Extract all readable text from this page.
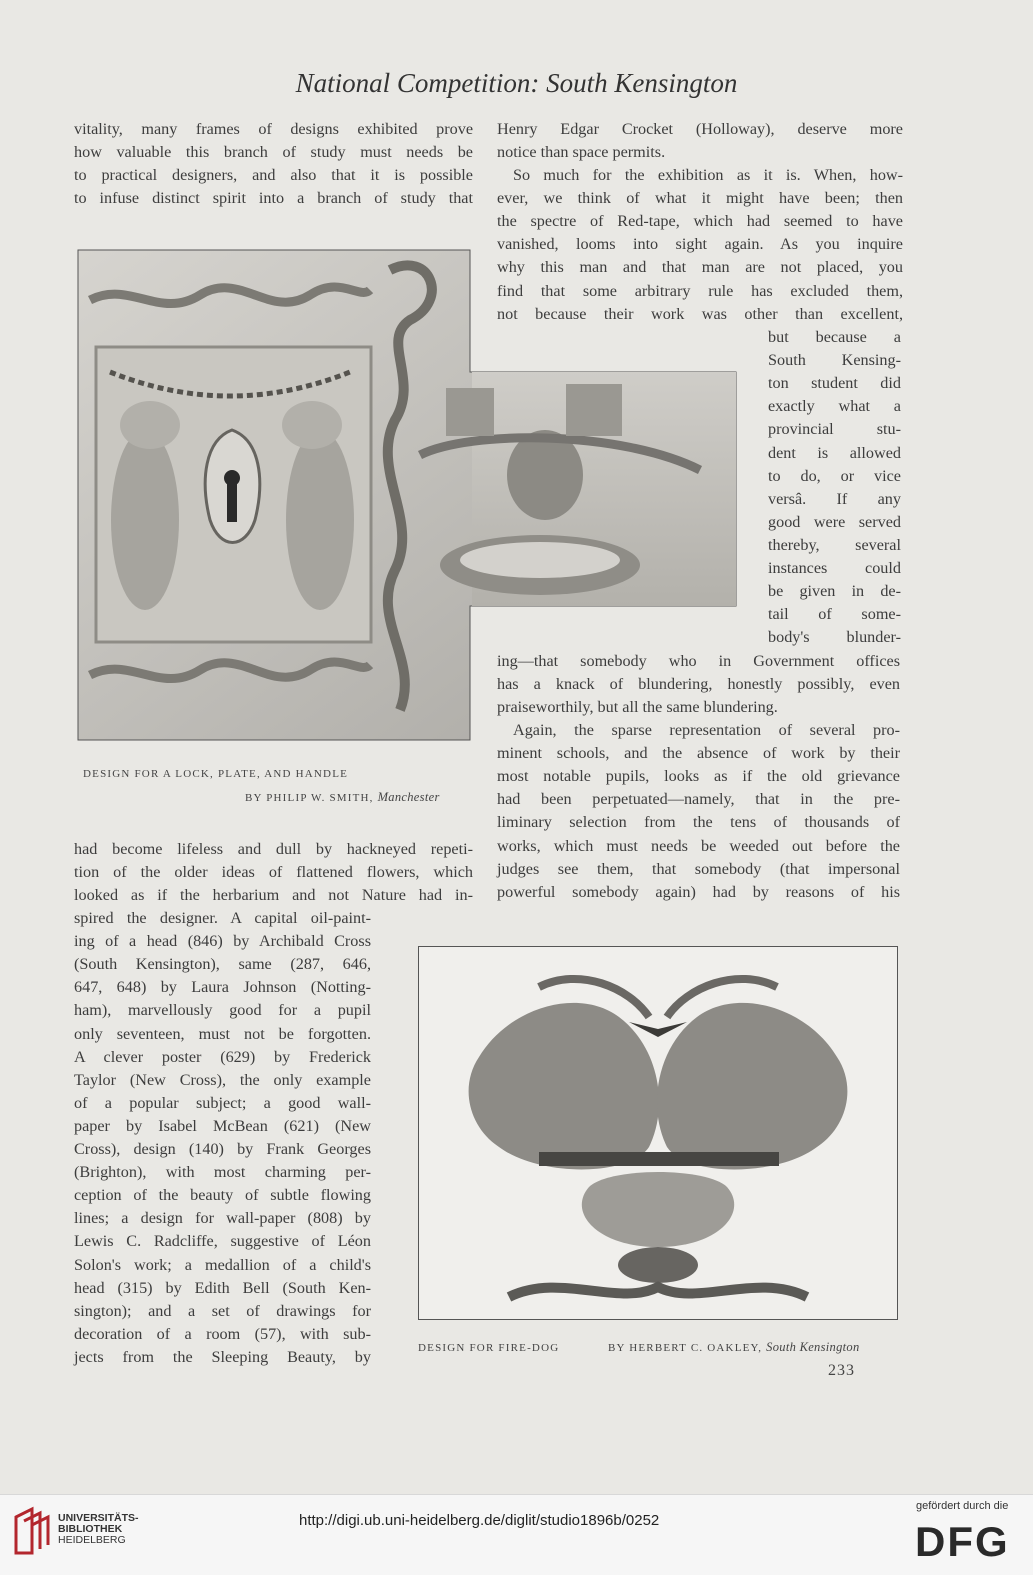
National Competition: South Kensington
vitality, many frames of designs exhibited prove
how valuable this branch of study must needs be
to practical designers, and also that it is possible
to infuse distinct spirit into a branch of study that
Henry Edgar Crocket (Holloway), deserve more
notice than space permits.
So much for the exhibition as it is. When, how-
ever, we think of what it might have been; then
the spectre of Red-tape, which had seemed to have
vanished, looms into sight again. As you inquire
why this man and that man are not placed, you
find that some arbitrary rule has excluded them,
not because their work was other than excellent,
DESIGN FOR A LOCK, PLATE, AND HANDLE
BY PHILIP W. SMITH, Manchester
but because a
South Kensing-
ton student did
exactly what a
provincial stu-
dent is allowed
to do, or vice
versâ. If any
good were served
thereby, several
instances could
be given in de-
tail of some-
body's blunder-
ing—that somebody who in Government offices
has a knack of blundering, honestly possibly, even
praiseworthily, but all the same blundering.
Again, the sparse representation of several pro-
minent schools, and the absence of work by their
most notable pupils, looks as if the old grievance
had been perpetuated—namely, that in the pre-
liminary selection from the tens of thousands of
works, which must needs be weeded out before the
judges see them, that somebody (that impersonal
powerful somebody again) had by reasons of his
had become lifeless and dull by hackneyed repeti-
tion of the older ideas of flattened flowers, which
looked as if the herbarium and not Nature had in-
spired the designer. A capital oil-paint-
ing of a head (846) by Archibald Cross
(South Kensington), same (287, 646,
647, 648) by Laura Johnson (Notting-
ham), marvellously good for a pupil
only seventeen, must not be forgotten.
A clever poster (629) by Frederick
Taylor (New Cross), the only example
of a popular subject; a good wall-
paper by Isabel McBean (621) (New
Cross), design (140) by Frank Georges
(Brighton), with most charming per-
ception of the beauty of subtle flowing
lines; a design for wall-paper (808) by
Lewis C. Radcliffe, suggestive of Léon
Solon's work; a medallion of a child's
head (315) by Edith Bell (South Ken-
sington); and a set of drawings for
decoration of a room (57), with sub-
jects from the Sleeping Beauty, by	DESIGN FOR FIRE-DOG	BY HERBERT C. OAKLEY, South Kensington
233
UNIVERSITÄTS-
BIBLIOTHEK
HEIDELBERG
http://digi.ub.uni-heidelberg.de/diglit/studio1896b/0252
gefördert durch die
DFG
